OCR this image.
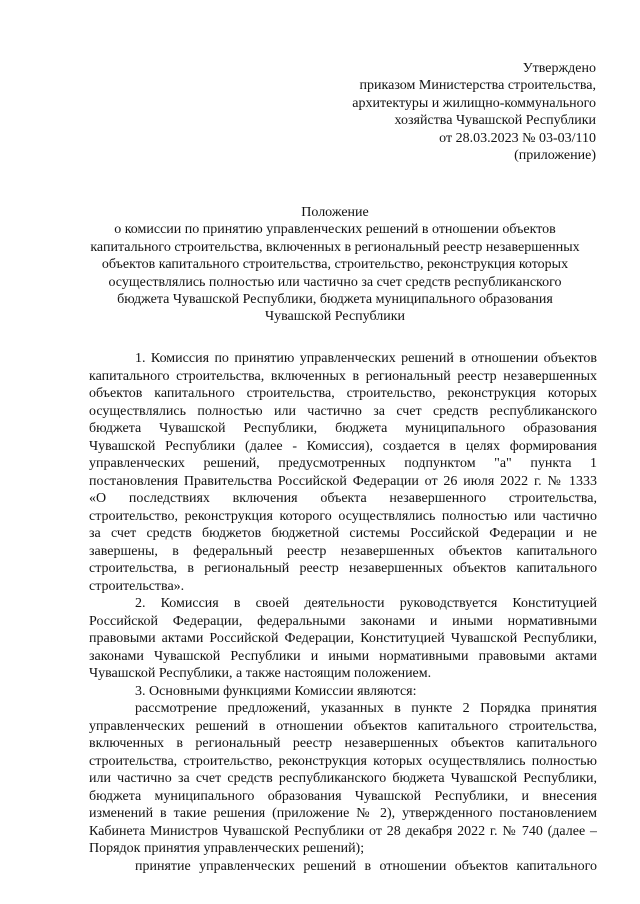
Утверждено
приказом Министерства строительства,
архитектуры и жилищно-коммунального
хозяйства Чувашской Республики
от 28.03.2023 № 03-03/110
(приложение)
Положение
о комиссии по принятию управленческих решений в отношении объектов
капитального строительства, включенных в региональный реестр незавершенных
объектов капитального строительства, строительство, реконструкция которых
осуществлялись полностью или частично за счет средств республиканского
бюджета Чувашской Республики, бюджета муниципального образования
Чувашской Республики
1. Комиссия по принятию управленческих решений в отношении объектов
капитального строительства, включенных в региональный реестр незавершенных
объектов капитального строительства, строительство, реконструкция которых
осуществлялись полностью или частично за счет средств республиканского
бюджета Чувашской Республики, бюджета муниципального образования
Чувашской Республики (далее - Комиссия), создается в целях формирования
управленческих решений, предусмотренных подпунктом "а" пункта 1
постановления Правительства Российской Федерации от 26 июля 2022 г. № 1333
«О последствиях включения объекта незавершенного строительства,
строительство, реконструкция которого осуществлялись полностью или частично
за счет средств бюджетов бюджетной системы Российской Федерации и не
завершены, в федеральный реестр незавершенных объектов капитального
строительства, в региональный реестр незавершенных объектов капитального
строительства».
2. Комиссия в своей деятельности руководствуется Конституцией
Российской Федерации, федеральными законами и иными нормативными
правовыми актами Российской Федерации, Конституцией Чувашской Республики,
законами Чувашской Республики и иными нормативными правовыми актами
Чувашской Республики, а также настоящим положением.
3. Основными функциями Комиссии являются:
рассмотрение предложений, указанных в пункте 2 Порядка принятия
управленческих решений в отношении объектов капитального строительства,
включенных в региональный реестр незавершенных объектов капитального
строительства, строительство, реконструкция которых осуществлялись полностью
или частично за счет средств республиканского бюджета Чувашской Республики,
бюджета муниципального образования Чувашской Республики, и внесения
изменений в такие решения (приложение № 2), утвержденного постановлением
Кабинета Министров Чувашской Республики от 28 декабря 2022 г. № 740 (далее –
Порядок принятия управленческих решений);
принятие управленческих решений в отношении объектов капитального
